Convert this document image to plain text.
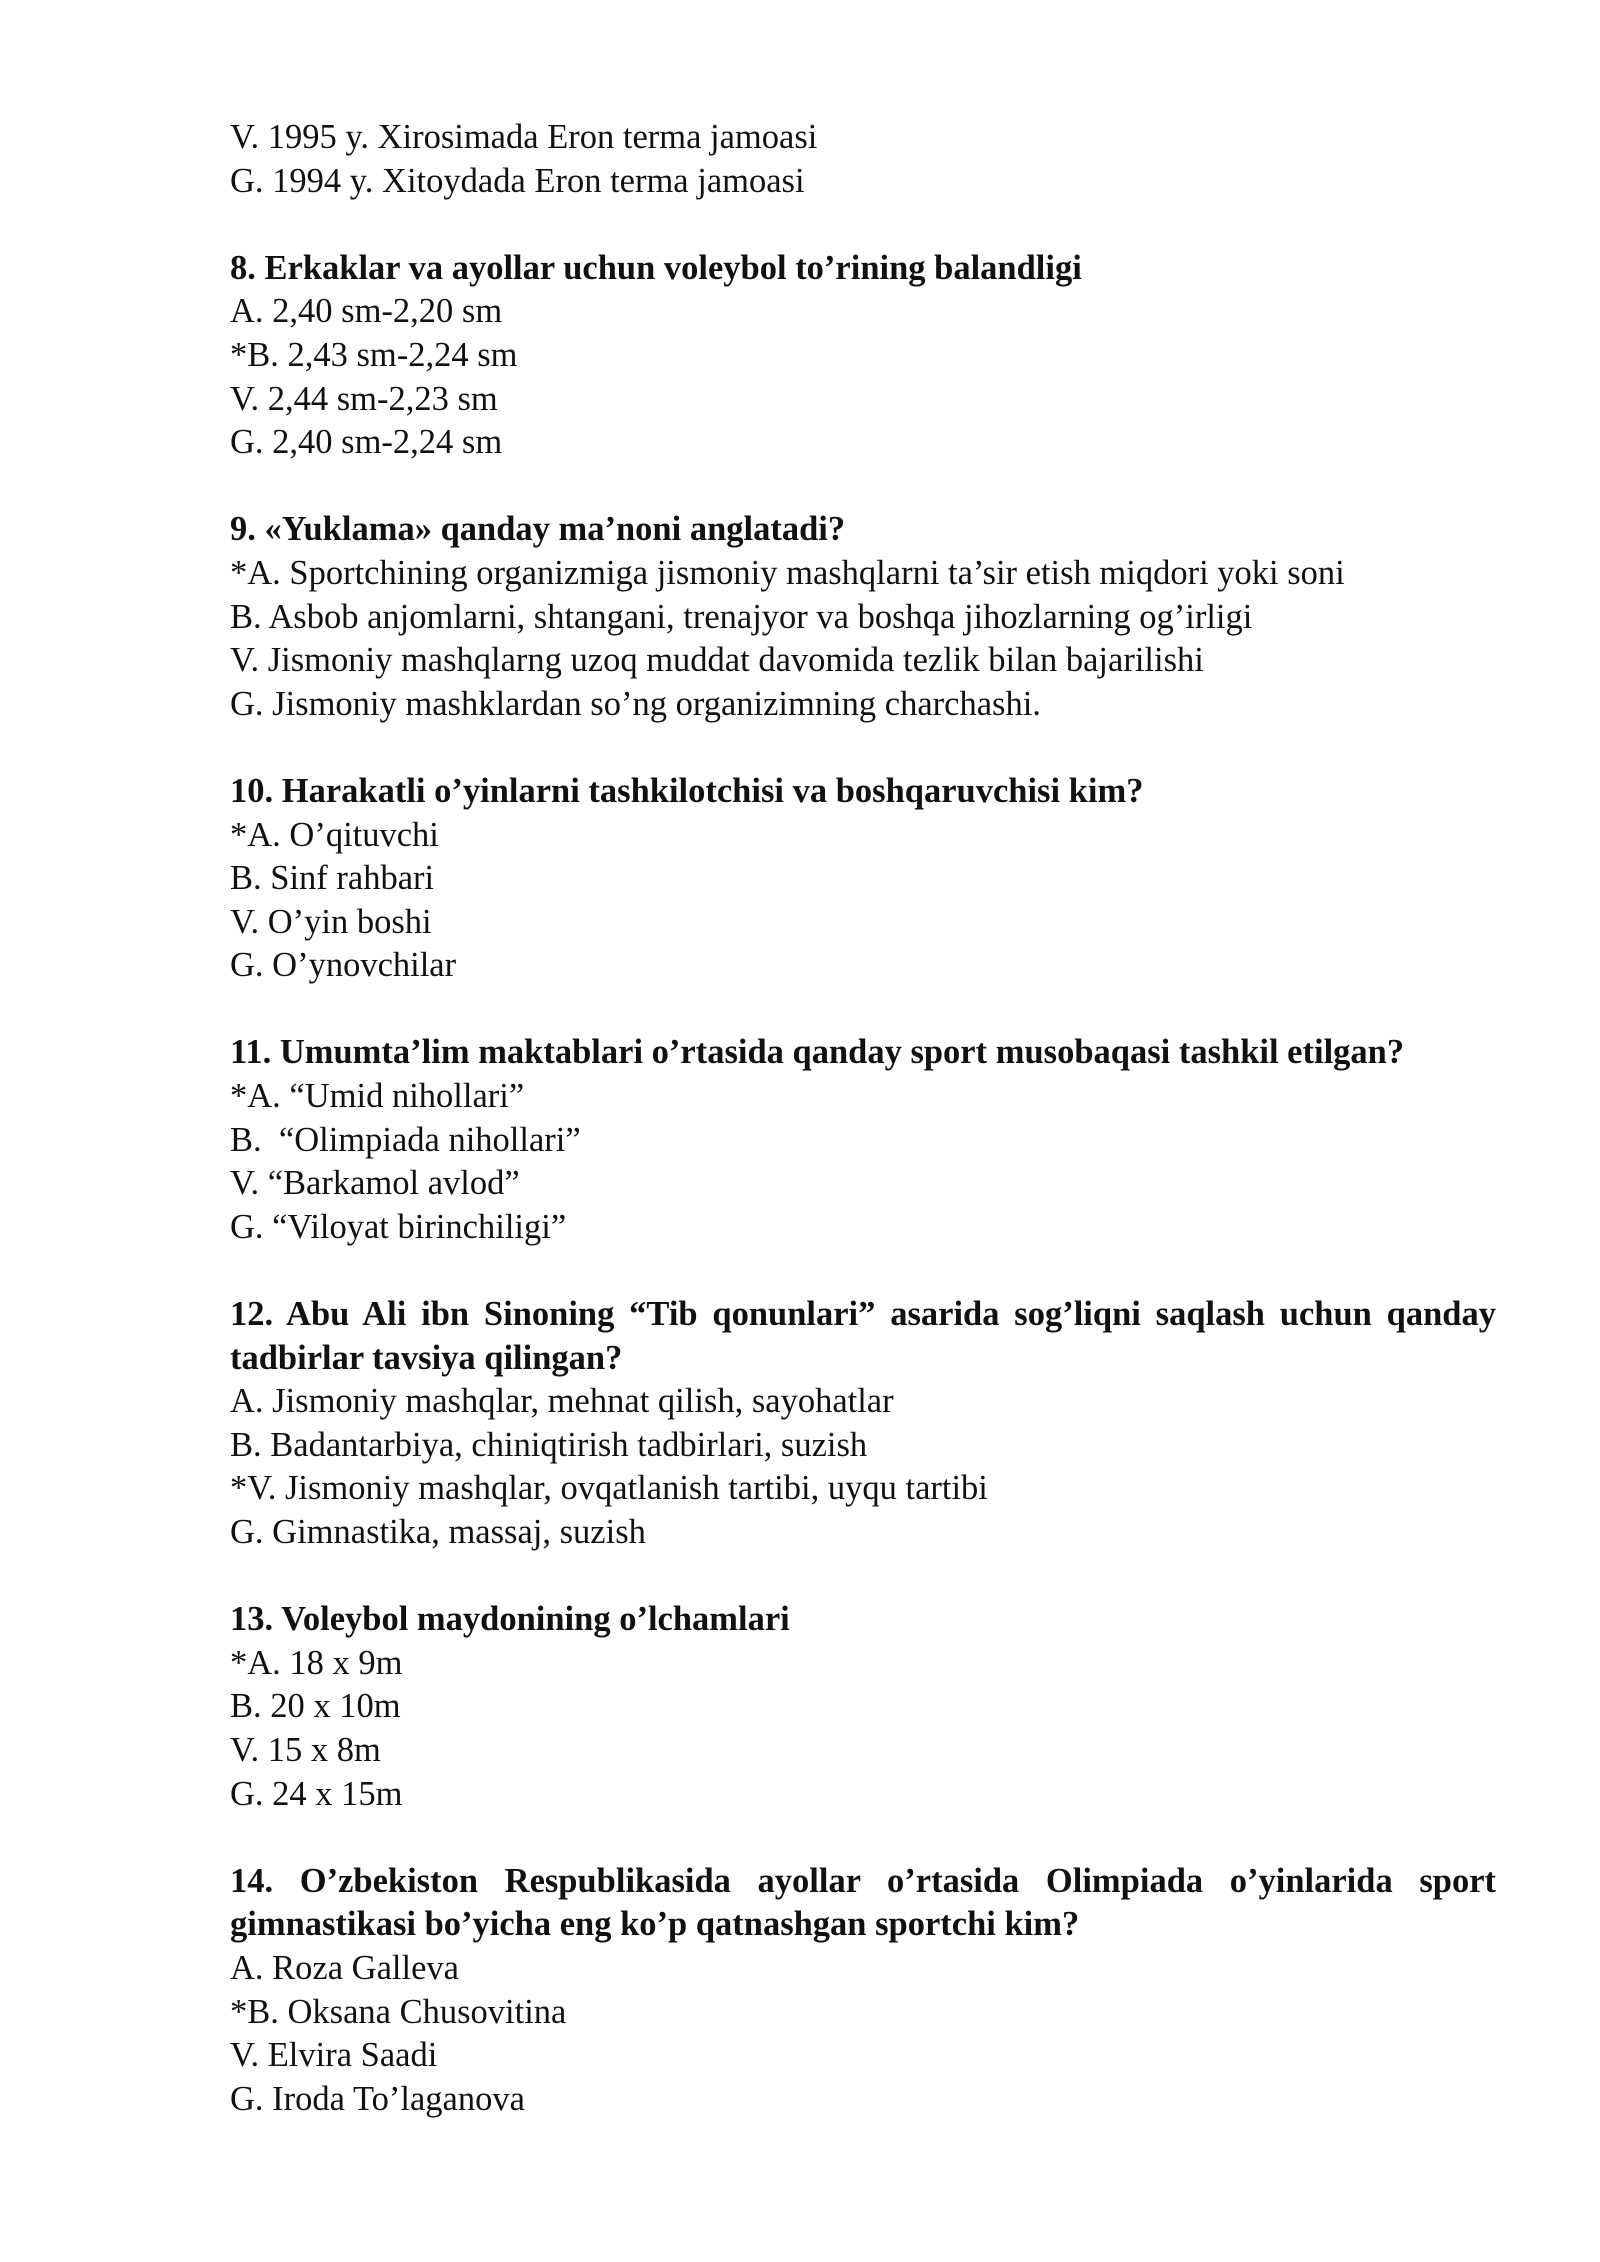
V. 1995 y. Xirosimada Eron terma jamoasi
G. 1994 y. Xitoydada Eron terma jamoasi
8. Erkaklar va ayollar uchun voleybol to’rining balandligi
A. 2,40 sm-2,20 sm
*B. 2,43 sm-2,24 sm
V. 2,44 sm-2,23 sm
G. 2,40 sm-2,24 sm
9. «Yuklama» qanday ma’noni anglatadi?
*A. Sportchining organizmiga jismoniy mashqlarni ta’sir etish miqdori yoki soni
B. Asbob anjomlarni, shtangani, trenajyor va boshqa jihozlarning og’irligi
V. Jismoniy mashqlarng uzoq muddat davomida tezlik bilan bajarilishi
G. Jismoniy mashklardan so’ng organizimning charchashi.
10. Harakatli o’yinlarni tashkilotchisi va boshqaruvchisi kim?
*A. O’qituvchi
B. Sinf rahbari
V. O’yin boshi
G. O’ynovchilar
11. Umumta’lim maktablari o’rtasida qanday sport musobaqasi tashkil etilgan?
*A. “Umid nihollari”
B.  “Olimpiada nihollari”
V. “Barkamol avlod”
G. “Viloyat birinchiligi”
12. Abu Ali ibn Sinoning “Tib qonunlari” asarida sog’liqni saqlash uchun qanday tadbirlar tavsiya qilingan?
A. Jismoniy mashqlar, mehnat qilish, sayohatlar
B. Badantarbiya, chiniqtirish tadbirlari, suzish
*V. Jismoniy mashqlar, ovqatlanish tartibi, uyqu tartibi
G. Gimnastika, massaj, suzish
13. Voleybol maydonining o’lchamlari
*A. 18 x 9m
B. 20 x 10m
V. 15 x 8m
G. 24 x 15m
14. O’zbekiston Respublikasida ayollar o’rtasida Olimpiada o’yinlarida sport gimnastikasi bo’yicha eng ko’p qatnashgan sportchi kim?
A. Roza Galleva
*B. Oksana Chusovitina
V. Elvira Saadi
G. Iroda To’laganova
